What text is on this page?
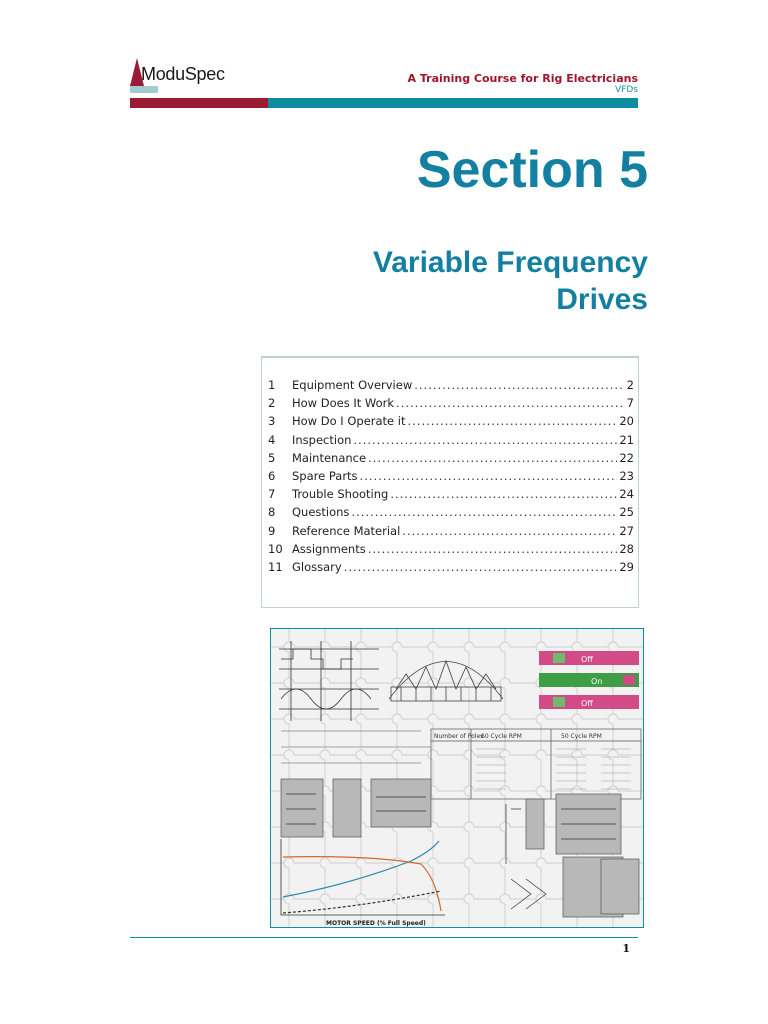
ModuSpec	A Training Course for Rig Electricians
VFDs
Section 5
Variable Frequency
Drives
1	Equipment Overview .....	2
2	How Does It Work .....	7
3	How Do I Operate it .....	20
4	Inspection .....	21
5	Maintenance .....	22
6	Spare Parts .....	23
7	Trouble Shooting .....	24
8	Questions .....	25
9	Reference Material .....	27
10 Assignments .....	28
11 Glossary .....	29
Off
On
Off
Number of Poles
60 Cycle RPM	50 Cycle RPM
MOTOR SPEED (% Full Speed)
1
